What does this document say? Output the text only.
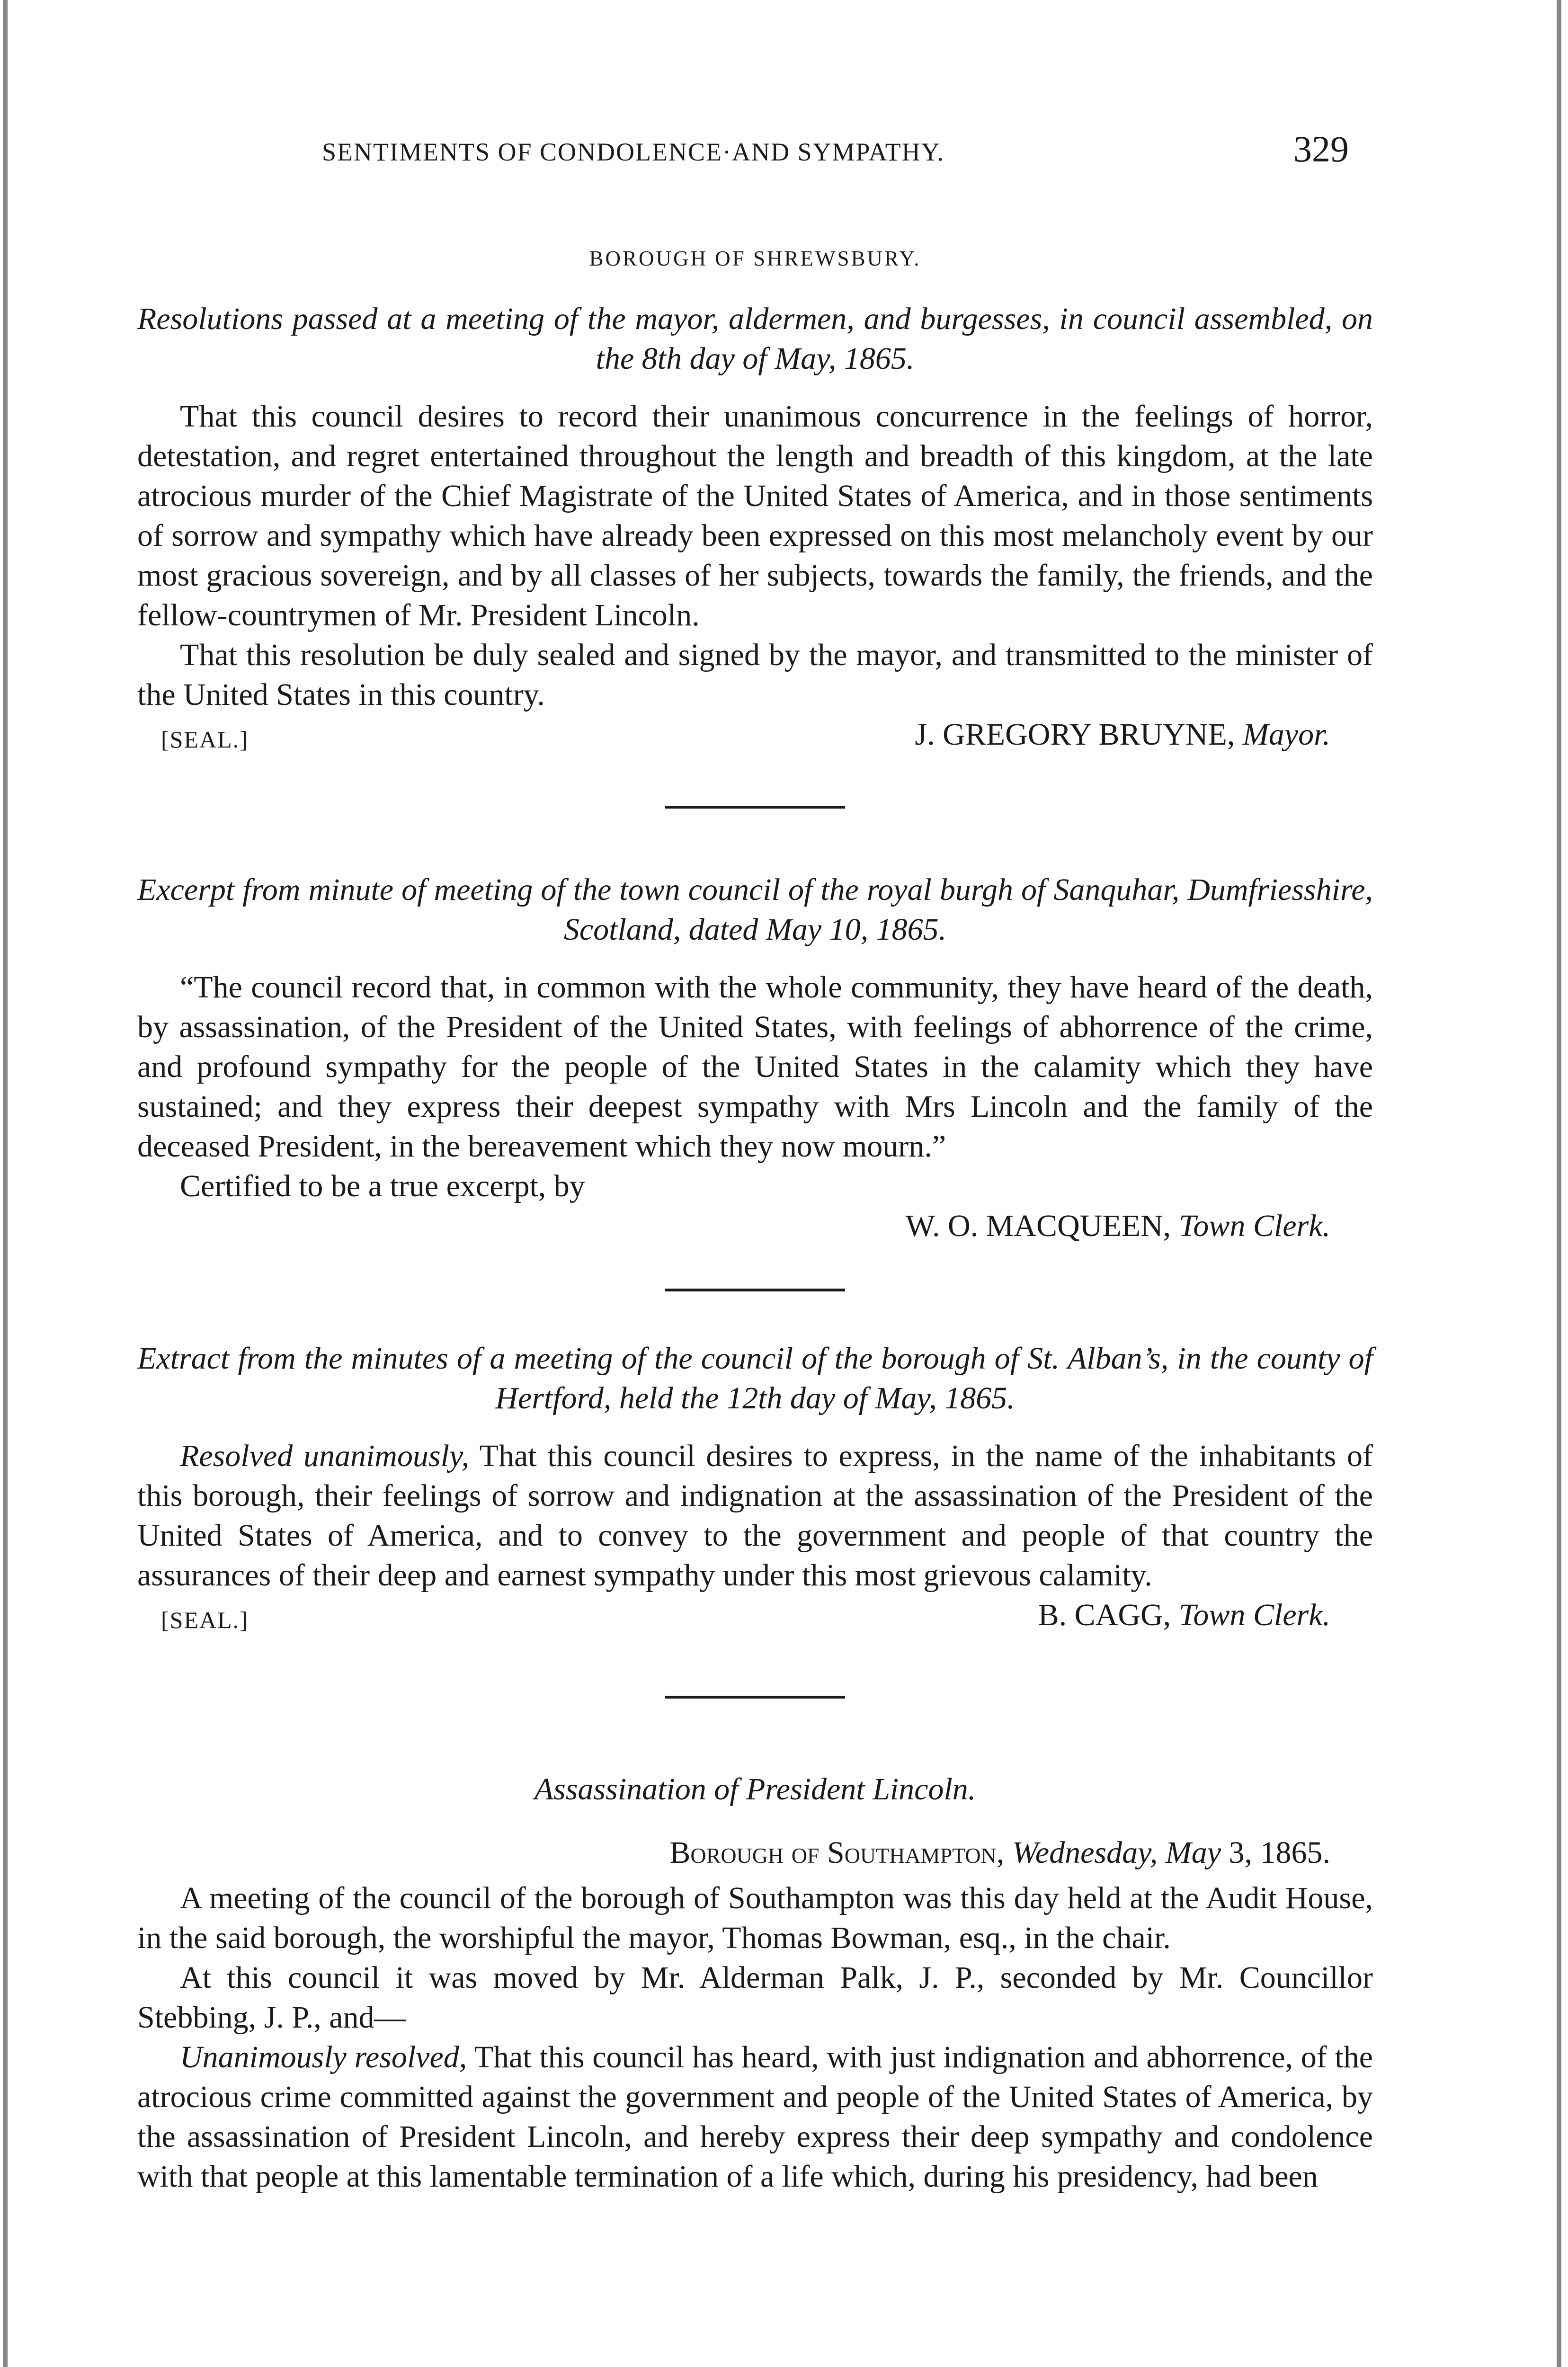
SENTIMENTS OF CONDOLENCE·AND SYMPATHY.	329
BOROUGH OF SHREWSBURY.

Resolutions passed at a meeting of the mayor, aldermen, and burgesses, in council assembled, on the 8th day of May, 1865.

That this council desires to record their unanimous concurrence in the feelings of horror, detestation, and regret entertained throughout the length and breadth of this kingdom, at the late atrocious murder of the Chief Magistrate of the United States of America, and in those sentiments of sorrow and sympathy which have already been expressed on this most melancholy event by our most gracious sovereign, and by all classes of her subjects, towards the family, the friends, and the fellow-countrymen of Mr. President Lincoln.

That this resolution be duly sealed and signed by the mayor, and transmitted to the minister of the United States in this country.

[SEAL.]	J. GREGORY BRUYNE, Mayor.

Excerpt from minute of meeting of the town council of the royal burgh of Sanquhar, Dumfriesshire, Scotland, dated May 10, 1865.

“The council record that, in common with the whole community, they have heard of the death, by assassination, of the President of the United States, with feelings of abhorrence of the crime, and profound sympathy for the people of the United States in the calamity which they have sustained; and they express their deepest sympathy with Mrs Lincoln and the family of the deceased President, in the bereavement which they now mourn.”

Certified to be a true excerpt, by

W. O. MACQUEEN, Town Clerk.

Extract from the minutes of a meeting of the council of the borough of St. Alban’s, in the county of Hertford, held the 12th day of May, 1865.

Resolved unanimously, That this council desires to express, in the name of the inhabitants of this borough, their feelings of sorrow and indignation at the assassination of the President of the United States of America, and to convey to the government and people of that country the assurances of their deep and earnest sympathy under this most grievous calamity.

[SEAL.]	B. CAGG, Town Clerk.

Assassination of President Lincoln.

Borough of Southampton, Wednesday, May 3, 1865.

A meeting of the council of the borough of Southampton was this day held at the Audit House, in the said borough, the worshipful the mayor, Thomas Bowman, esq., in the chair.

At this council it was moved by Mr. Alderman Palk, J. P., seconded by Mr. Councillor Stebbing, J. P., and—

Unanimously resolved, That this council has heard, with just indignation and abhorrence, of the atrocious crime committed against the government and people of the United States of America, by the assassination of President Lincoln, and hereby express their deep sympathy and condolence with that people at this lamentable termination of a life which, during his presidency, had been
